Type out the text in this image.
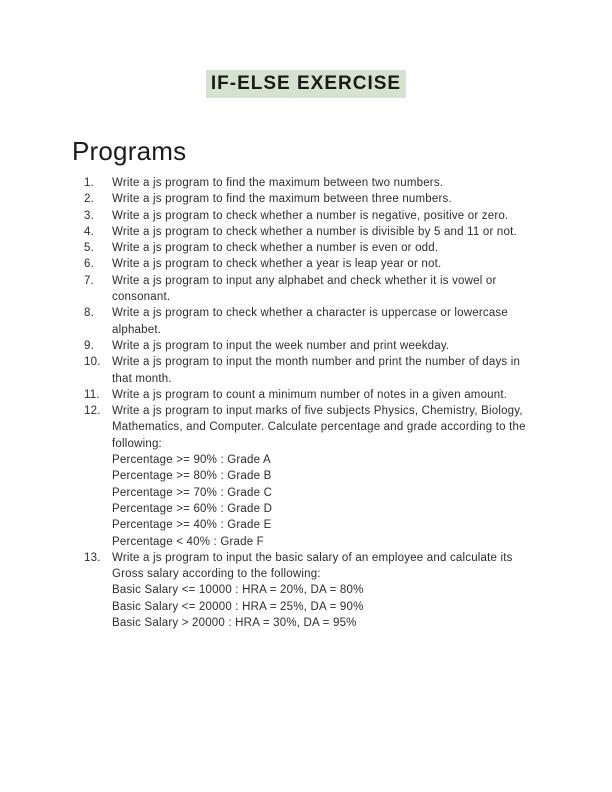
IF-ELSE EXERCISE
Programs
1.	Write a js program to find the maximum between two numbers.
2.	Write a js program to find the maximum between three numbers.
3.	Write a js program to check whether a number is negative, positive or zero.
4.	Write a js program to check whether a number is divisible by 5 and 11 or not.
5.	Write a js program to check whether a number is even or odd.
6.	Write a js program to check whether a year is leap year or not.
7.	Write a js program to input any alphabet and check whether it is vowel or consonant.
8.	Write a js program to check whether a character is uppercase or lowercase alphabet.
9.	Write a js program to input the week number and print weekday.
10. Write a js program to input the month number and print the number of days in that month.
11.	Write a js program to count a minimum number of notes in a given amount.
12. Write a js program to input marks of five subjects Physics, Chemistry, Biology, Mathematics, and Computer. Calculate percentage and grade according to the following:
Percentage >= 90% : Grade A
Percentage >= 80% : Grade B
Percentage >= 70% : Grade C
Percentage >= 60% : Grade D
Percentage >= 40% : Grade E
Percentage < 40% : Grade F
13. Write a js program to input the basic salary of an employee and calculate its Gross salary according to the following:
Basic Salary <= 10000 : HRA = 20%, DA = 80%
Basic Salary <= 20000 : HRA = 25%, DA = 90%
Basic Salary > 20000 : HRA = 30%, DA = 95%
